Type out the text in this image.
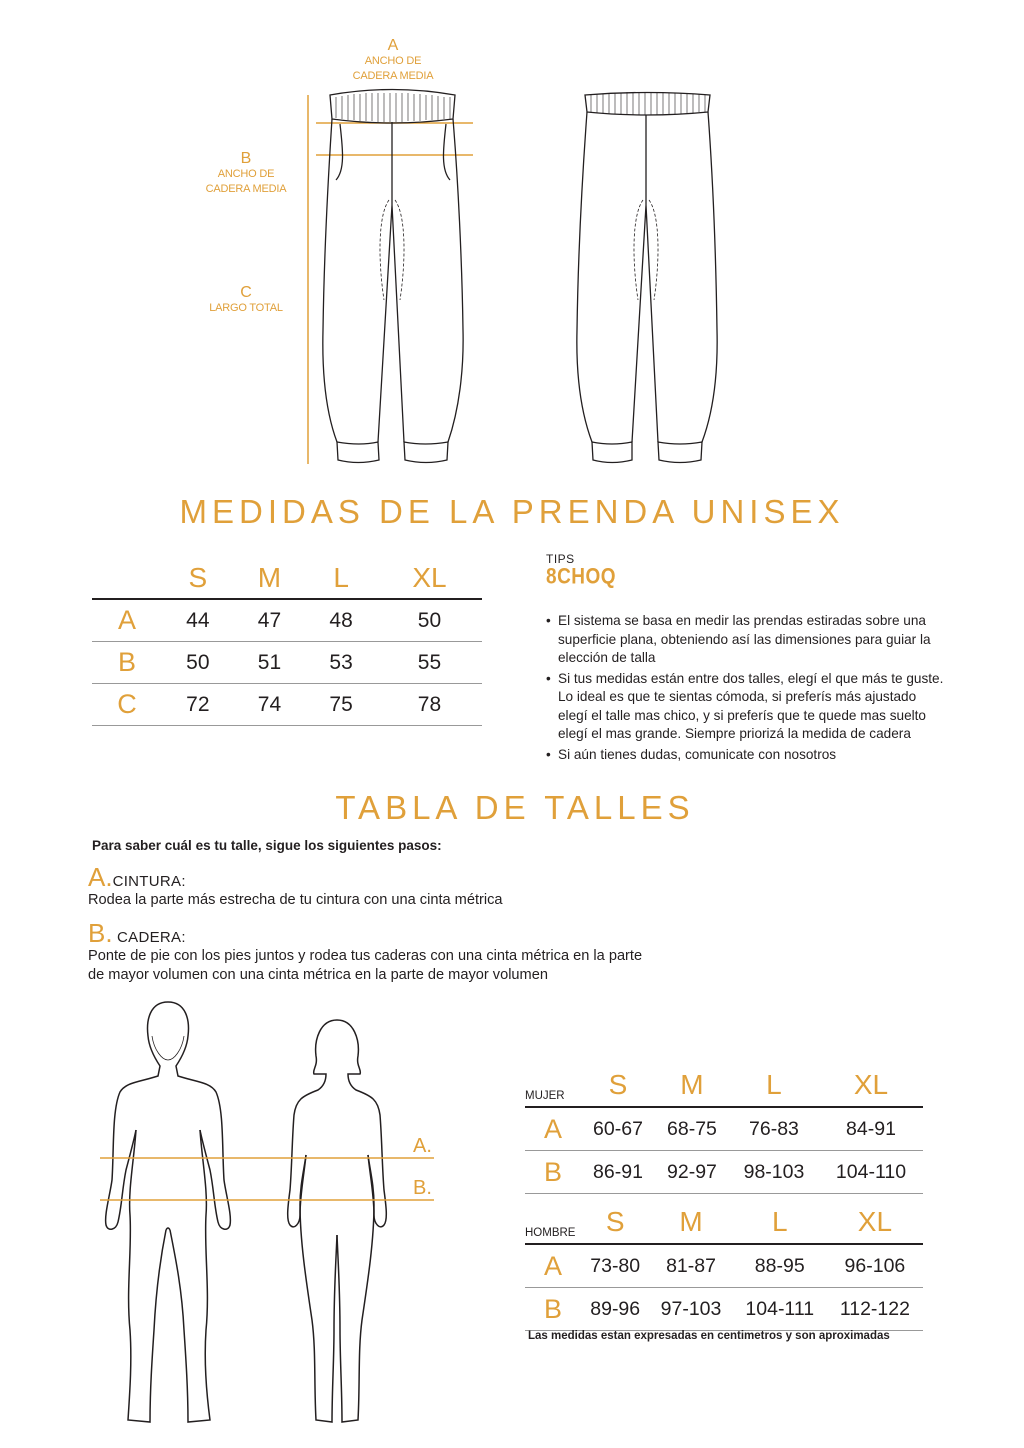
A
ANCHO DE
CADERA MEDIA
B
ANCHO DE
CADERA MEDIA
C
LARGO TOTAL
MEDIDAS DE LA PRENDA UNISEX
	S	M	L	XL
A	44	47	48	50
B	50	51	53	55
C	72	74	75	78
TIPS
8CHOQ
• El sistema se basa en medir las prendas estiradas sobre una superficie plana, obteniendo así las dimensiones para guiar la elección de talla
• Si tus medidas están entre dos talles, elegí el que más te guste. Lo ideal es que te sientas cómoda, si preferís más ajustado elegí el talle mas chico, y si preferís que te quede mas suelto elegí el mas grande. Siempre priorizá la medida de cadera
• Si aún tienes dudas, comunicate con nosotros
TABLA DE TALLES
Para saber cuál es tu talle, sigue los siguientes pasos:
A.CINTURA:
Rodea la parte más estrecha de tu cintura con una cinta métrica
B. CADERA:
Ponte de pie con los pies juntos y rodea tus caderas con una cinta métrica en la parte de mayor volumen con una cinta métrica en la parte de mayor volumen
A.
B.
MUJER	S	M	L	XL
A	60-67	68-75	76-83	84-91
B	86-91	92-97	98-103	104-110
HOMBRE	S	M	L	XL
A	73-80	81-87	88-95	96-106
B	89-96	97-103	104-111	112-122
Las medidas estan expresadas en centimetros y son aproximadas
